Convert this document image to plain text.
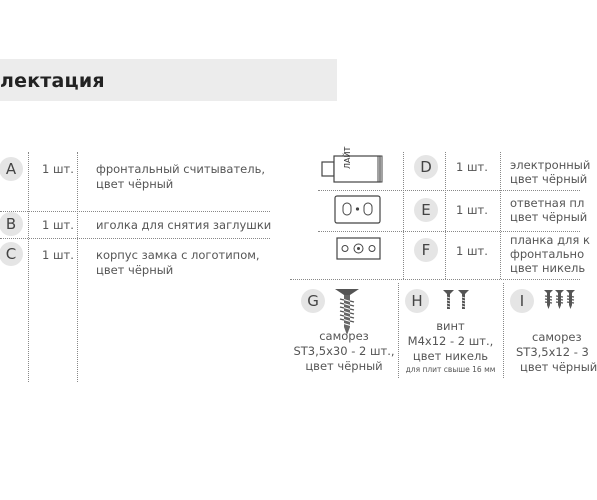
лектация
A	1 шт. фронтальный считыватель,
цвет чёрный
B	1 шт. иголка для снятия заглушки
C	1 шт. корпус замка с логотипом,
цвет чёрный
ЛАЙТ	D	1 шт. электронный
цвет чёрный
E	1 шт. ответная пл
цвет чёрный
F	1 шт.
планка для к
фронтально
цвет никель
G
саморез
ST3,5x30 - 2 шт.,
цвет чёрный
H
винт
M4x12 - 2 шт.,
цвет никель
для плит свыше 16 мм
I
саморез
ST3,5x12 - 3
цвет чёрный
